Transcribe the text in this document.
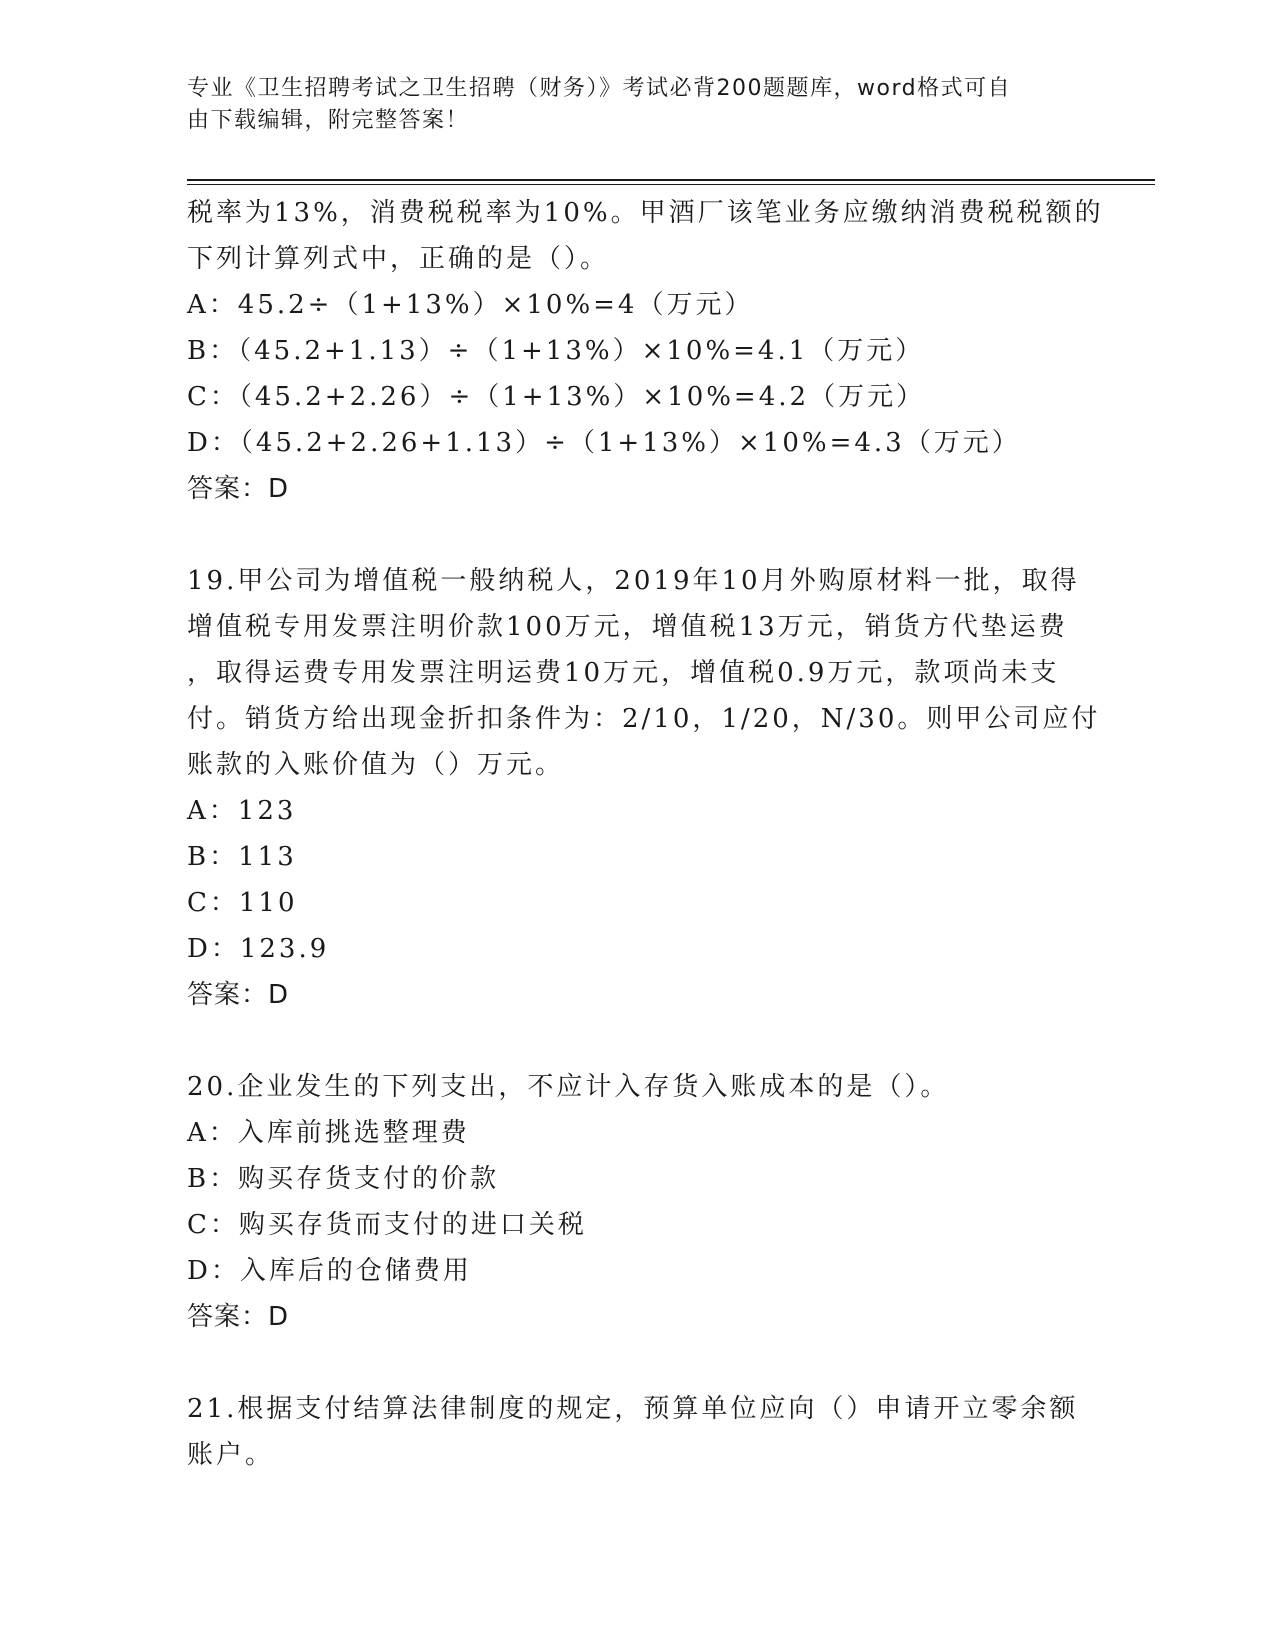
专业《卫生招聘考试之卫生招聘（财务）》考试必背200题题库，word格式可自
由下载编辑，附完整答案！
税率为13%，消费税税率为10%。甲酒厂该笔业务应缴纳消费税税额的
下列计算列式中，正确的是（）。
A：45.2÷（1+13%）×10%=4（万元）
B：（45.2+1.13）÷（1+13%）×10%=4.1（万元）
C：（45.2+2.26）÷（1+13%）×10%=4.2（万元）
D：（45.2+2.26+1.13）÷（1+13%）×10%=4.3（万元）
答案：D
19.甲公司为增值税一般纳税人，2019年10月外购原材料一批，取得
增值税专用发票注明价款100万元，增值税13万元，销货方代垫运费
，取得运费专用发票注明运费10万元，增值税0.9万元，款项尚未支
付。销货方给出现金折扣条件为：2/10，1/20，N/30。则甲公司应付
账款的入账价值为（）万元。
A：123
B：113
C：110
D：123.9
答案：D
20.企业发生的下列支出，不应计入存货入账成本的是（）。
A：入库前挑选整理费
B：购买存货支付的价款
C：购买存货而支付的进口关税
D：入库后的仓储费用
答案：D
21.根据支付结算法律制度的规定，预算单位应向（）申请开立零余额
账户。
